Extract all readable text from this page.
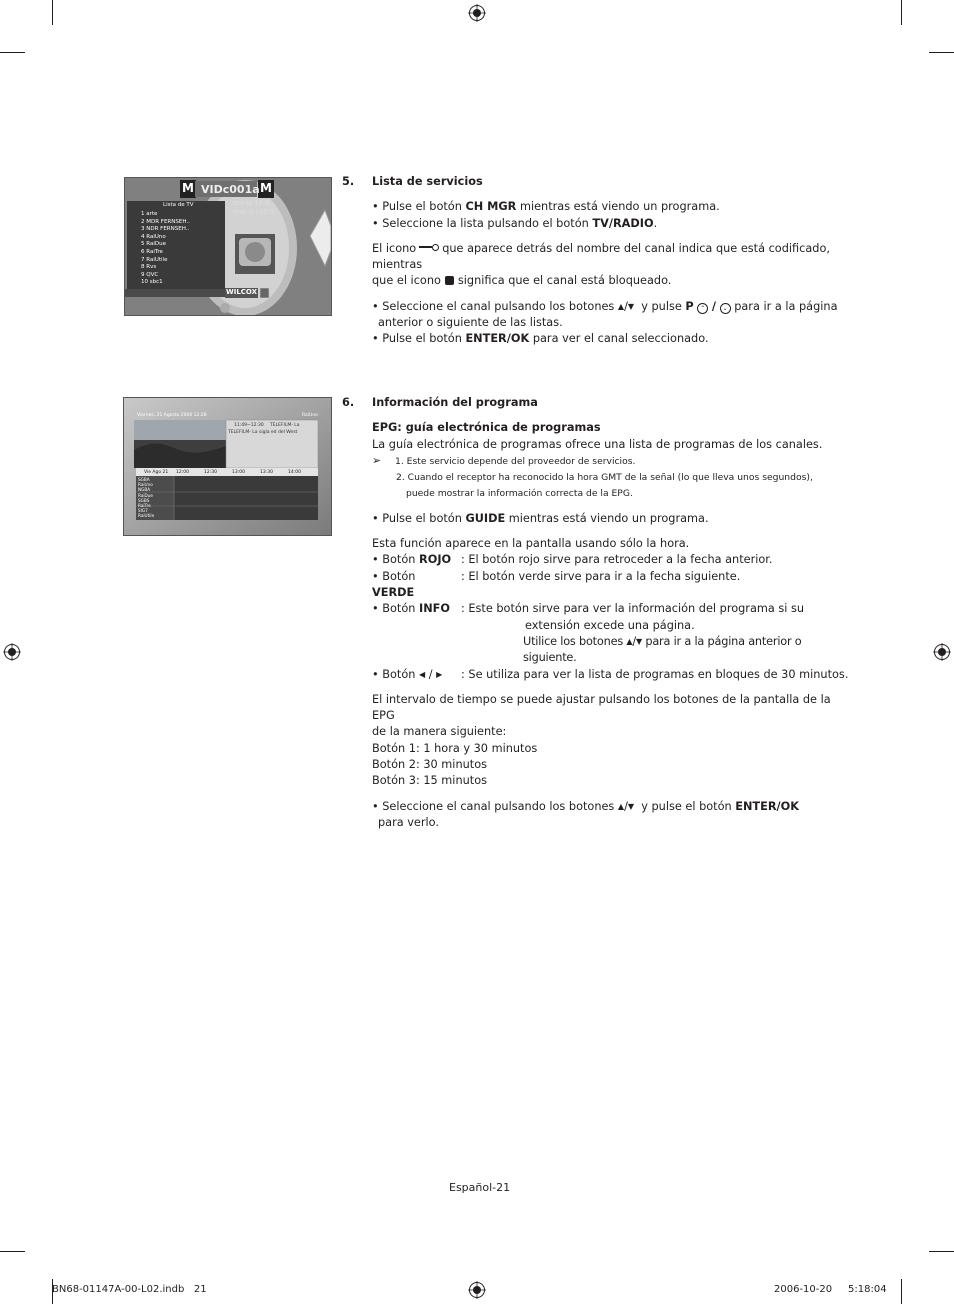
M	M
VIDc001a
me is 16:9
mat 0 (16:9)
Lista de TV
1 arte
2 MDR FERNSEH..
3 NDR FERNSEH..
4 RaiUno
5 RaiDue
6 RaiTre
7 RaiUtile
8 Rvs
9 QVC
10 sbc1
WILCOX
Viernes, 21 Agosto 2006 12:28	RaiUno
11:49~12:30 TELEFILM- La
TELEFILM- La sigla ed del West
Vie Ago 21 12:00	12:30	13:00	13:30	14:00
SGBA
RaiUno
NGBA
RaiDue
SGBS
RaiTre
SIG7
RaiUtile

5. Lista de servicios

• Pulse el botón CH MGR mientras está viendo un programa.

• Seleccione la lista pulsando el botón TV/RADIO.

El icono que aparece detrás del nombre del canal indica que está codificado, mientras

que el icono significa que el canal está bloqueado.

• Seleccione el canal pulsando los botones ▲/▼ y pulse P ⌃ / ⌄ para ir a la página

anterior o siguiente de las listas.

• Pulse el botón ENTER/OK para ver el canal seleccionado.

6. Información del programa

EPG: guía electrónica de programas

La guía electrónica de programas ofrece una lista de programas de los canales.

➢ 1. Este servicio depende del proveedor de servicios.

2. Cuando el receptor ha reconocido la hora GMT de la señal (lo que lleva unos segundos),

puede mostrar la información correcta de la EPG.

• Pulse el botón GUIDE mientras está viendo un programa.

Esta función aparece en la pantalla usando sólo la hora.

• Botón ROJO : El botón rojo sirve para retroceder a la fecha anterior.
• Botón VERDE
: El botón verde sirve para ir a la fecha siguiente.
• Botón INFO : Este botón sirve para ver la información del programa si su

extensión excede una página.

Utilice los botones ▲/▼ para ir a la página anterior o siguiente.

• Botón ◀ / ▶	: Se utiliza para ver la lista de programas en bloques de 30 minutos.

El intervalo de tiempo se puede ajustar pulsando los botones de la pantalla de la EPG

de la manera siguiente:

Botón 1: 1 hora y 30 minutos

Botón 2: 30 minutos

Botón 3: 15 minutos

• Seleccione el canal pulsando los botones ▲/▼ y pulse el botón ENTER/OK

para verlo.

Español-21
BN68-01147A-00-L02.indb   21	2006-10-20     5:18:04
